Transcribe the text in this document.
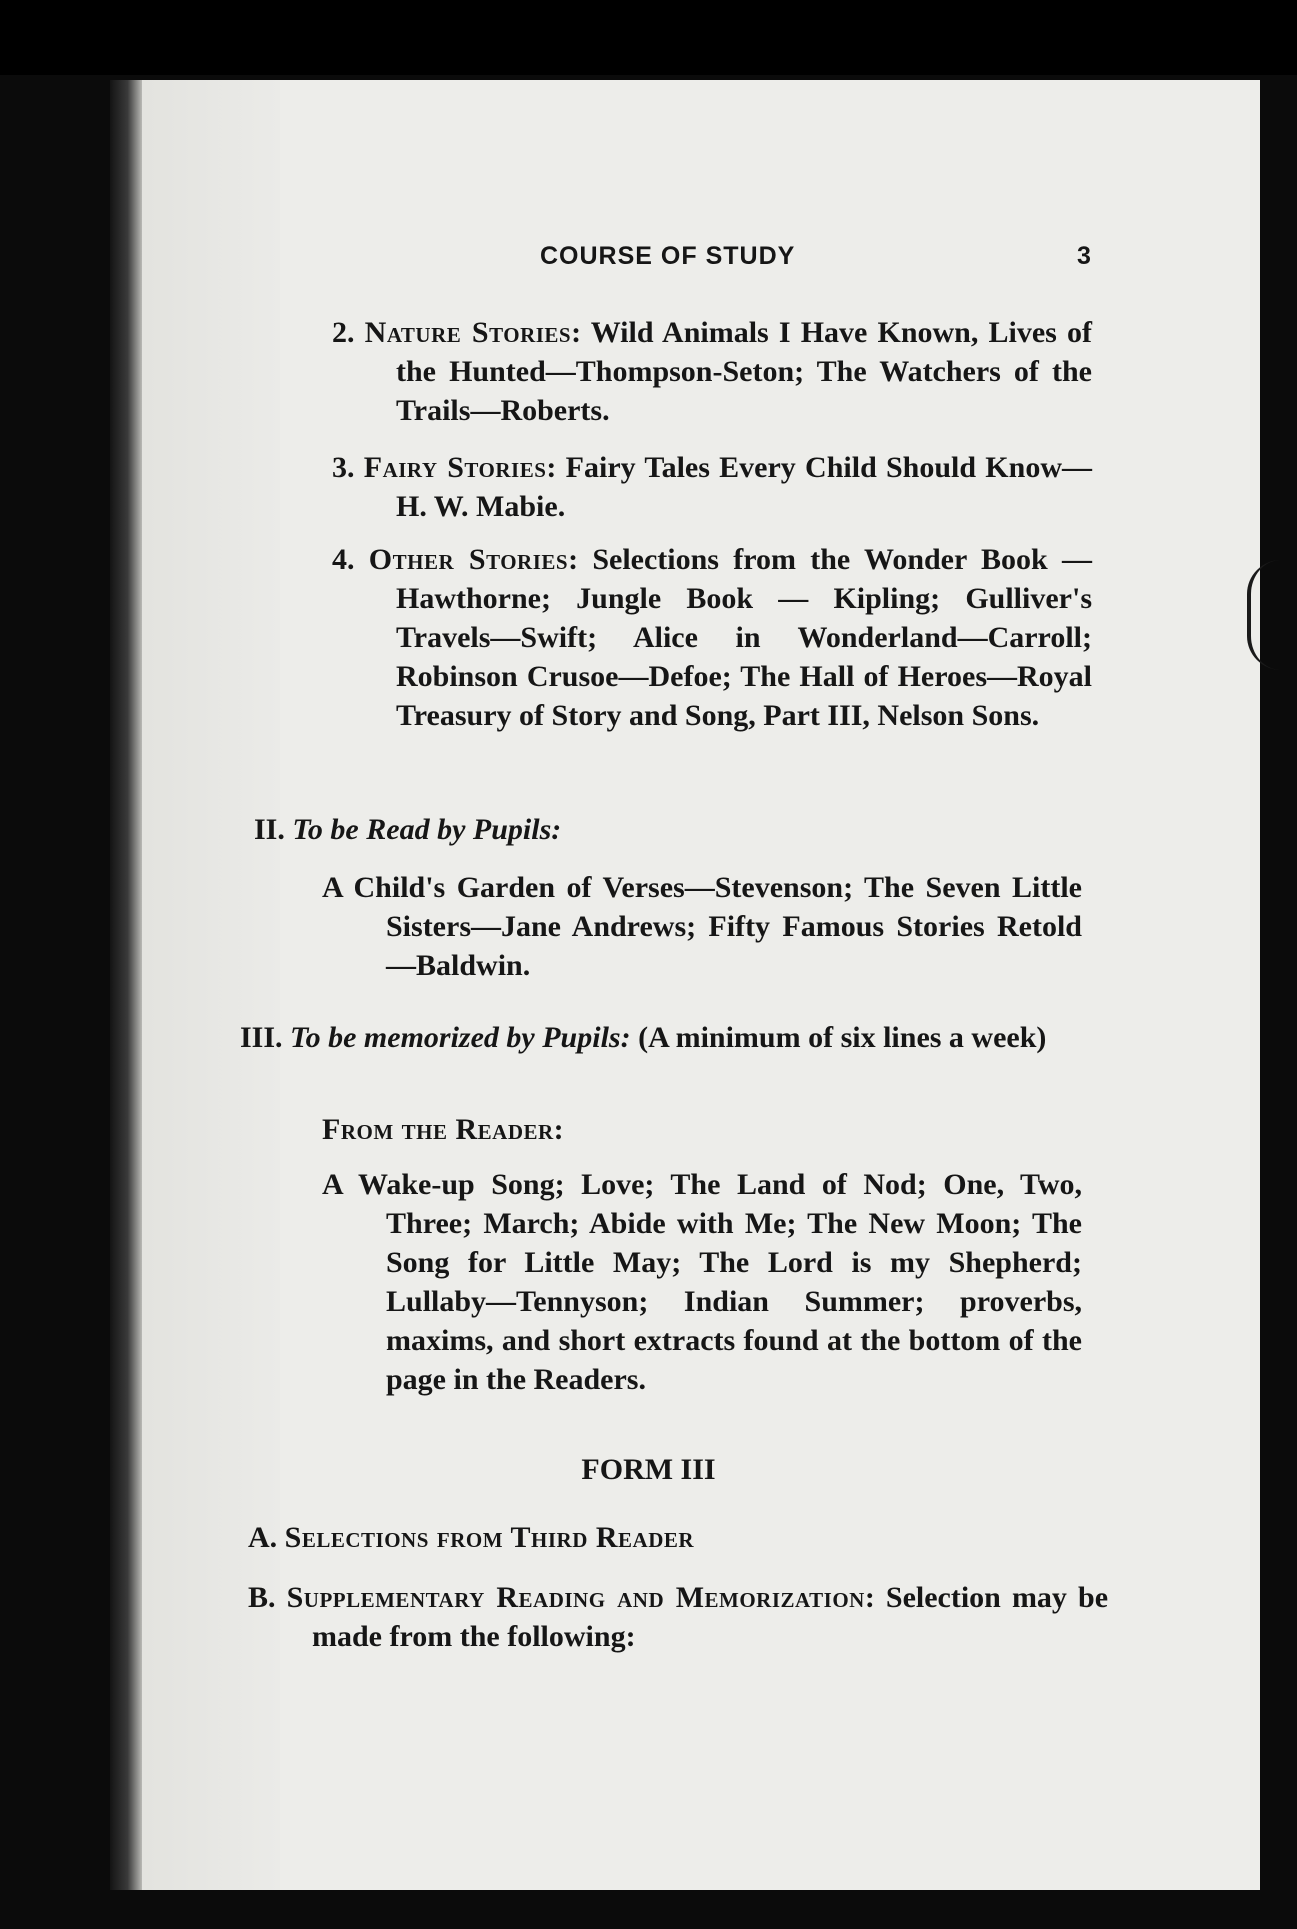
COURSE OF STUDY	3

2. Nature Stories: Wild Animals I Have Known, Lives of the Hunted—Thompson-Seton; The Watchers of the Trails—Roberts.

3. Fairy Stories: Fairy Tales Every Child Should Know—H. W. Mabie.

4. Other Stories: Selections from the Wonder Book — Hawthorne; Jungle Book — Kipling; Gulliver's Travels—Swift; Alice in Wonderland—Carroll; Robinson Crusoe—Defoe; The Hall of Heroes—Royal Treasury of Story and Song, Part III, Nelson Sons.

II. To be Read by Pupils:

A Child's Garden of Verses—Stevenson; The Seven Little Sisters—Jane Andrews; Fifty Famous Stories Retold—Baldwin.

III. To be memorized by Pupils: (A minimum of six lines a week)

From the Reader:

A Wake-up Song; Love; The Land of Nod; One, Two, Three; March; Abide with Me; The New Moon; The Song for Little May; The Lord is my Shepherd; Lullaby—Tennyson; Indian Summer; proverbs, maxims, and short extracts found at the bottom of the page in the Readers.

FORM III
A. Selections from Third Reader

B. Supplementary Reading and Memorization: Selection may be made from the following:
